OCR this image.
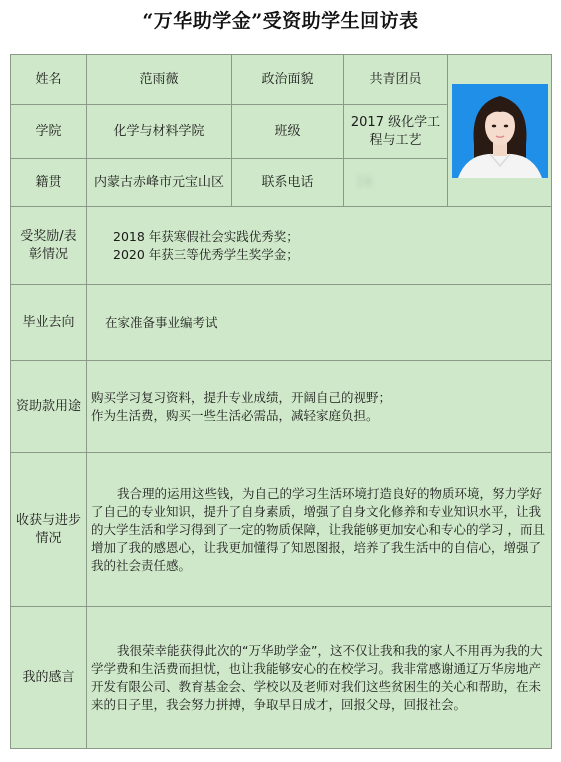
“万华助学金”受资助学生回访表
姓名	范雨薇	政治面貌	共青团员	

学院	化学与材料学院	班级	2017 级化学工程与工艺	
籍贯	内蒙古赤峰市元宝山区	联系电话	16	
受奖励/表彰情况	2018 年获寒假社会实践优秀奖；
2020 年获三等优秀学生奖学金；			

毕业去向	在家准备事业编考试			
资助款用途	购买学习复习资料，提升专业成绩，开阔自己的视野；
作为生活费，购买一些生活必需品，减轻家庭负担。			

收获与进步情况	我合理的运用这些钱，为自己的学习生活环境打造良好的物质环境，努力学好了自己的专业知识，提升了自身素质，增强了自身文化修养和专业知识水平，让我的大学生活和学习得到了一定的物质保障，让我能够更加安心和专心的学习 ，而且增加了我的感恩心，让我更加懂得了知恩图报，培养了我生活中的自信心，增强了我的社会责任感。			
我的感言	我很荣幸能获得此次的“万华助学金”，这不仅让我和我的家人不用再为我的大学学费和生活费而担忧，也让我能够安心的在校学习。我非常感谢通辽万华房地产开发有限公司、教育基金会、学校以及老师对我们这些贫困生的关心和帮助，在未来的日子里，我会努力拼搏，争取早日成才，回报父母，回报社会。			
